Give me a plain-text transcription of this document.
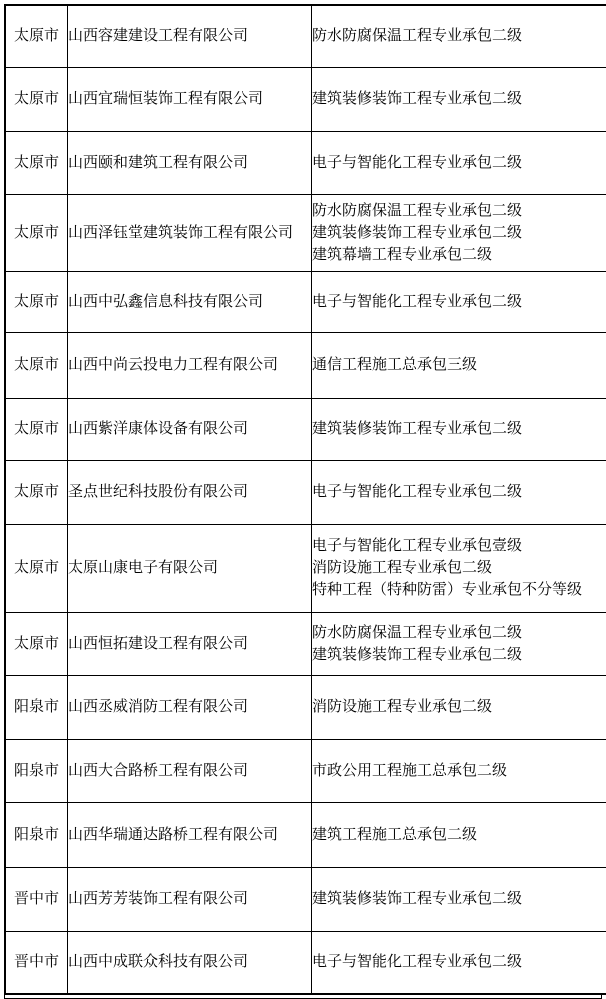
太原市	山西容建建设工程有限公司	防水防腐保温工程专业承包二级

太原市	山西宜瑞恒装饰工程有限公司	建筑装修装饰工程专业承包二级

太原市	山西颐和建筑工程有限公司	电子与智能化工程专业承包二级

太原市	山西泽钰堂建筑装饰工程有限公司	防水防腐保温工程专业承包二级
建筑装修装饰工程专业承包二级
建筑幕墙工程专业承包二级

太原市	山西中弘鑫信息科技有限公司	电子与智能化工程专业承包二级

太原市	山西中尚云投电力工程有限公司	通信工程施工总承包三级

太原市	山西紫洋康体设备有限公司	建筑装修装饰工程专业承包二级

太原市	圣点世纪科技股份有限公司	电子与智能化工程专业承包二级

太原市	太原山康电子有限公司	电子与智能化工程专业承包壹级
消防设施工程专业承包二级
特种工程（特种防雷）专业承包不分等级

太原市	山西恒拓建设工程有限公司	防水防腐保温工程专业承包二级
建筑装修装饰工程专业承包二级

阳泉市	山西丞威消防工程有限公司	消防设施工程专业承包二级

阳泉市	山西大合路桥工程有限公司	市政公用工程施工总承包二级

阳泉市	山西华瑞通达路桥工程有限公司	建筑工程施工总承包二级

晋中市	山西芳芳装饰工程有限公司	建筑装修装饰工程专业承包二级

晋中市	山西中成联众科技有限公司	电子与智能化工程专业承包二级
